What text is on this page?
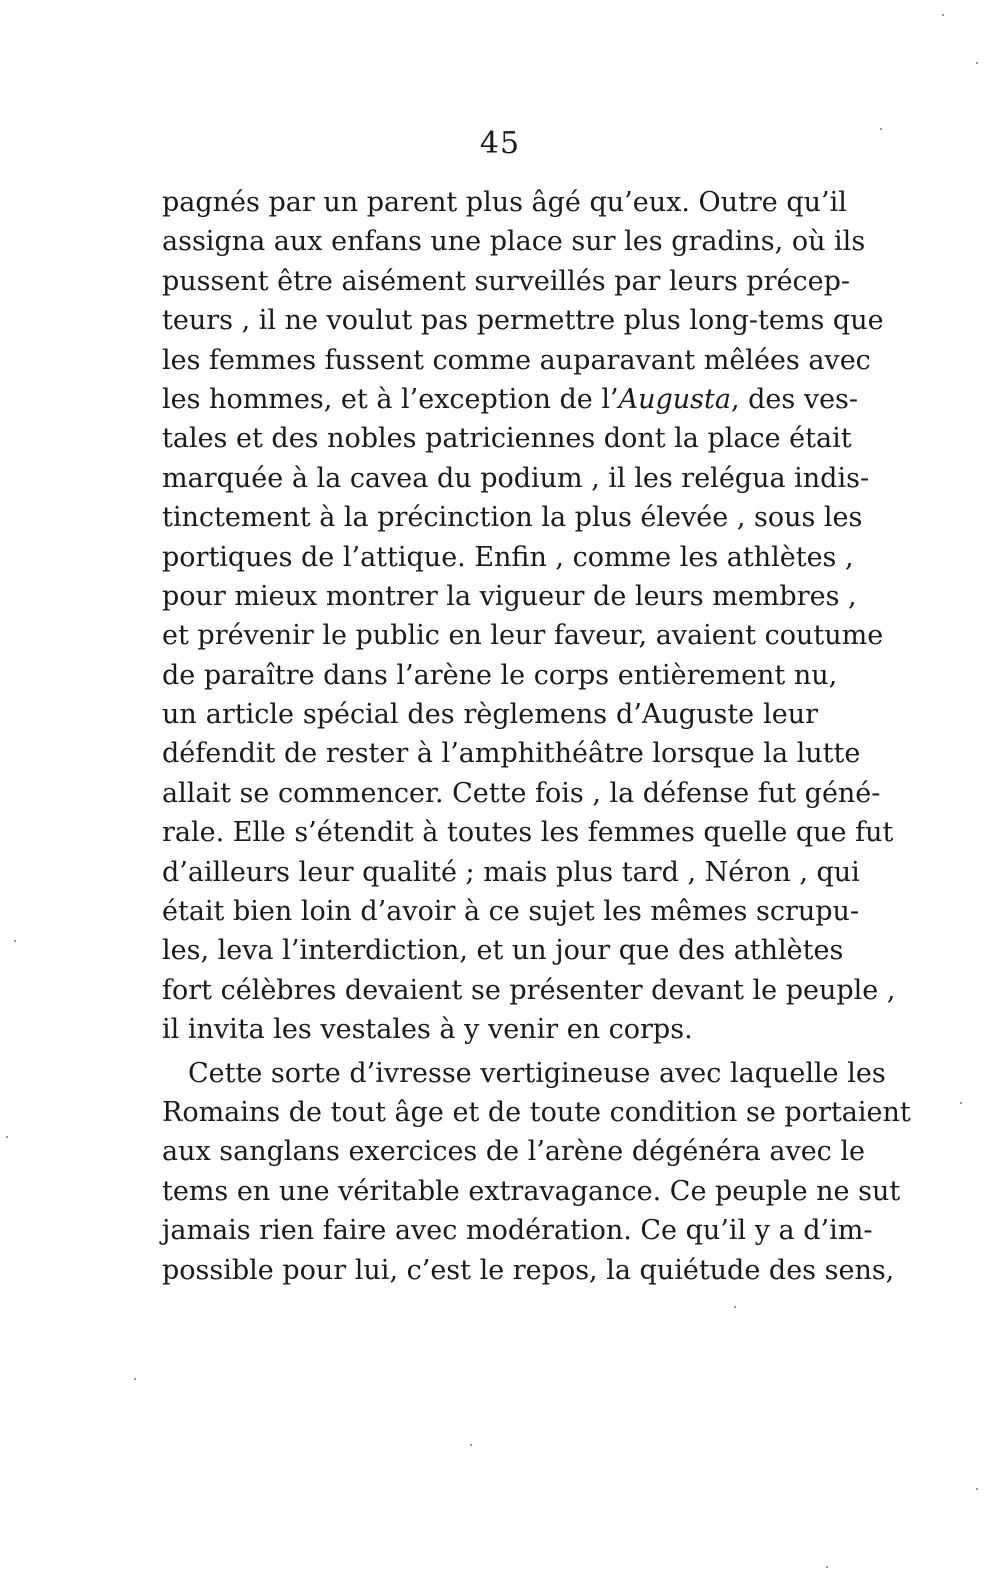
45
pagnés par un parent plus âgé qu’eux. Outre qu’il
assigna aux enfans une place sur les gradins, où ils
pussent être aisément surveillés par leurs précep-
teurs , il ne voulut pas permettre plus long-tems que
les femmes fussent comme auparavant mêlées avec
les hommes, et à l’exception de l’Augusta, des ves-
tales et des nobles patriciennes dont la place était
marquée à la cavea du podium , il les relégua indis-
tinctement à la précinction la plus élevée , sous les
portiques de l’attique. Enfin , comme les athlètes ,
pour mieux montrer la vigueur de leurs membres ,
et prévenir le public en leur faveur, avaient coutume
de paraître dans l’arène le corps entièrement nu,
un article spécial des règlemens d’Auguste leur
défendit de rester à l’amphithéâtre lorsque la lutte
allait se commencer. Cette fois , la défense fut géné-
rale. Elle s’étendit à toutes les femmes quelle que fut
d’ailleurs leur qualité ; mais plus tard , Néron , qui
était bien loin d’avoir à ce sujet les mêmes scrupu-
les, leva l’interdiction, et un jour que des athlètes
fort célèbres devaient se présenter devant le peuple ,
il invita les vestales à y venir en corps.
Cette sorte d’ivresse vertigineuse avec laquelle les
Romains de tout âge et de toute condition se portaient
aux sanglans exercices de l’arène dégénéra avec le
tems en une véritable extravagance. Ce peuple ne sut
jamais rien faire avec modération. Ce qu’il y a d’im-
possible pour lui, c’est le repos, la quiétude des sens,
